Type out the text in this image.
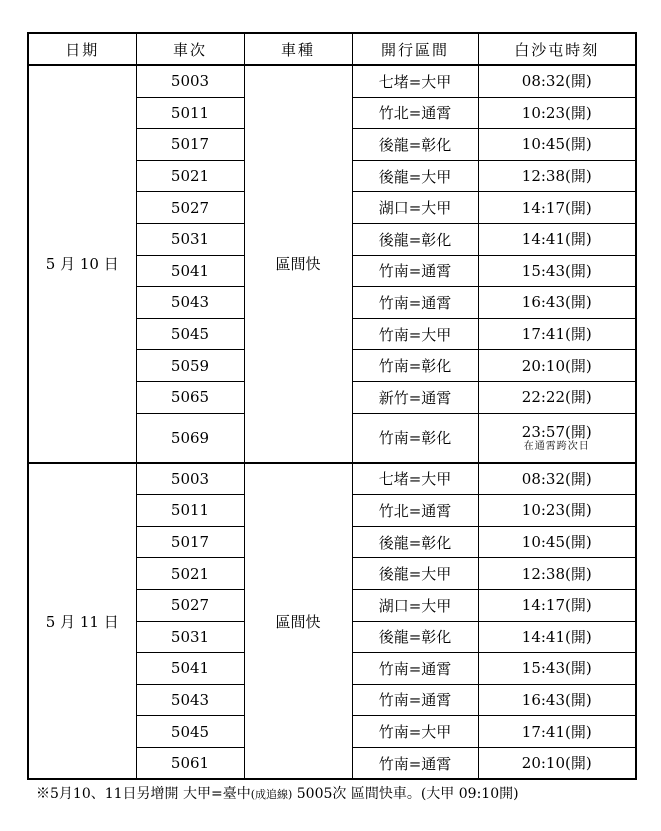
日期	車次	車種	開行區間	白沙屯時刻
5 月 10 日	5003	區間快	七堵=大甲	08:32(開)
	5011		竹北=通霄	10:23(開)
	5017		後龍=彰化	10:45(開)
	5021		後龍=大甲	12:38(開)
	5027		湖口=大甲	14:17(開)
	5031		後龍=彰化	14:41(開)
	5041		竹南=通霄	15:43(開)
	5043		竹南=通霄	16:43(開)
	5045		竹南=大甲	17:41(開)
	5059		竹南=彰化	20:10(開)
	5065		新竹=通霄	22:22(開)
	5069		竹南=彰化	23:57(開)
在通霄跨次日

5 月 11 日	5003	區間快	七堵=大甲	08:32(開)
	5011		竹北=通霄	10:23(開)
	5017		後龍=彰化	10:45(開)
	5021		後龍=大甲	12:38(開)
	5027		湖口=大甲	14:17(開)
	5031		後龍=彰化	14:41(開)
	5041		竹南=通霄	15:43(開)
	5043		竹南=通霄	16:43(開)
	5045		竹南=大甲	17:41(開)
	5061		竹南=通霄	20:10(開)
※5月10、11日另增開 大甲=臺中(成追線) 5005次 區間快車。(大甲 09:10開)
